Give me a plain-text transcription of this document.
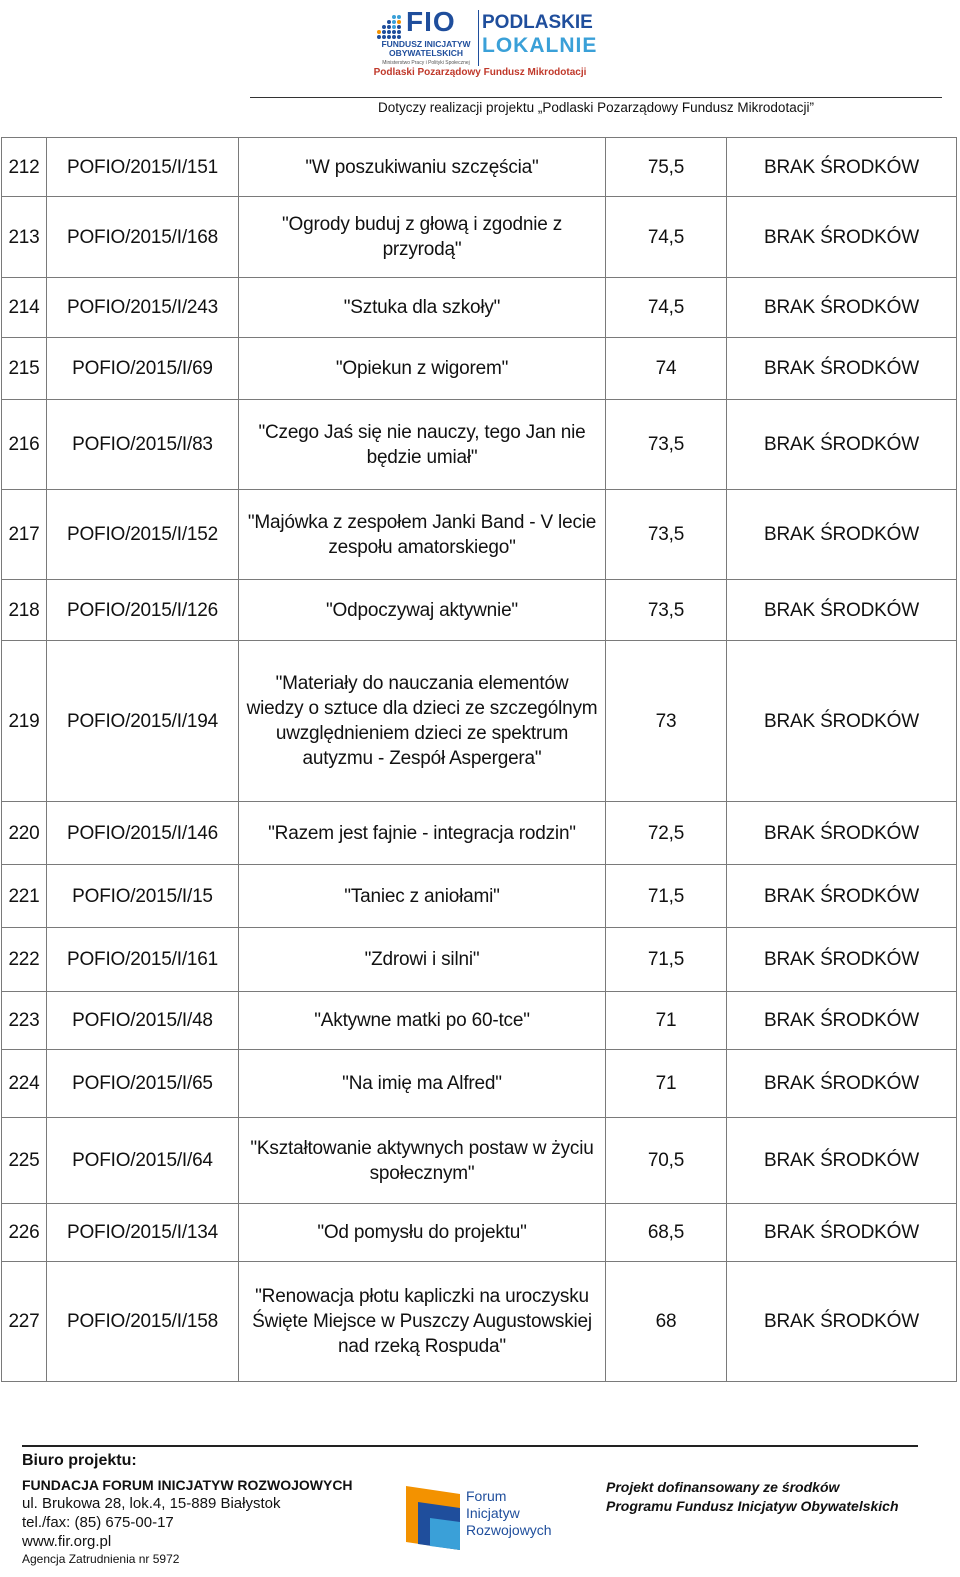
FIO
FUNDUSZ INICJATYW
OBYWATELSKICH
Ministerstwo Pracy i Polityki Społecznej
PODLASKIE
LOKALNIE
Podlaski Pozarządowy Fundusz Mikrodotacji
Dotyczy realizacji projektu „Podlaski Pozarządowy Fundusz Mikrodotacji”
212	POFIO/2015/I/151	"W poszukiwaniu szczęścia"	75,5	BRAK ŚRODKÓW
213	POFIO/2015/I/168	"Ogrody buduj z głową i zgodnie z przyrodą"	74,5	BRAK ŚRODKÓW
214	POFIO/2015/I/243	"Sztuka dla szkoły"	74,5	BRAK ŚRODKÓW
215	POFIO/2015/I/69	"Opiekun z wigorem"	74	BRAK ŚRODKÓW
216	POFIO/2015/I/83	"Czego Jaś się nie nauczy, tego Jan nie będzie umiał"	73,5	BRAK ŚRODKÓW
217	POFIO/2015/I/152	"Majówka z zespołem Janki Band - V lecie zespołu amatorskiego"	73,5	BRAK ŚRODKÓW
218	POFIO/2015/I/126	"Odpoczywaj aktywnie"	73,5	BRAK ŚRODKÓW
219	POFIO/2015/I/194	"Materiały do nauczania elementów wiedzy o sztuce dla dzieci ze szczególnym uwzględnieniem dzieci ze spektrum autyzmu - Zespół Aspergera"	73	BRAK ŚRODKÓW
220	POFIO/2015/I/146	"Razem jest fajnie - integracja rodzin"	72,5	BRAK ŚRODKÓW
221	POFIO/2015/I/15	"Taniec z aniołami"	71,5	BRAK ŚRODKÓW
222	POFIO/2015/I/161	"Zdrowi i silni"	71,5	BRAK ŚRODKÓW
223	POFIO/2015/I/48	"Aktywne matki po 60-tce"	71	BRAK ŚRODKÓW
224	POFIO/2015/I/65	"Na imię ma Alfred"	71	BRAK ŚRODKÓW
225	POFIO/2015/I/64	"Kształtowanie aktywnych postaw w życiu społecznym"	70,5	BRAK ŚRODKÓW
226	POFIO/2015/I/134	"Od pomysłu do projektu"	68,5	BRAK ŚRODKÓW
227	POFIO/2015/I/158	"Renowacja płotu kapliczki na uroczysku Święte Miejsce w Puszczy Augustowskiej nad rzeką Rospuda"	68	BRAK ŚRODKÓW
Biuro projektu:
FUNDACJA FORUM INICJATYW ROZWOJOWYCH
ul. Brukowa 28, lok.4, 15-889 Białystok
tel./fax: (85) 675-00-17
www.fir.org.pl
Agencja Zatrudnienia nr 5972
Forum
Inicjatyw
Rozwojowych
Projekt dofinansowany ze środków
Programu Fundusz Inicjatyw Obywatelskich
